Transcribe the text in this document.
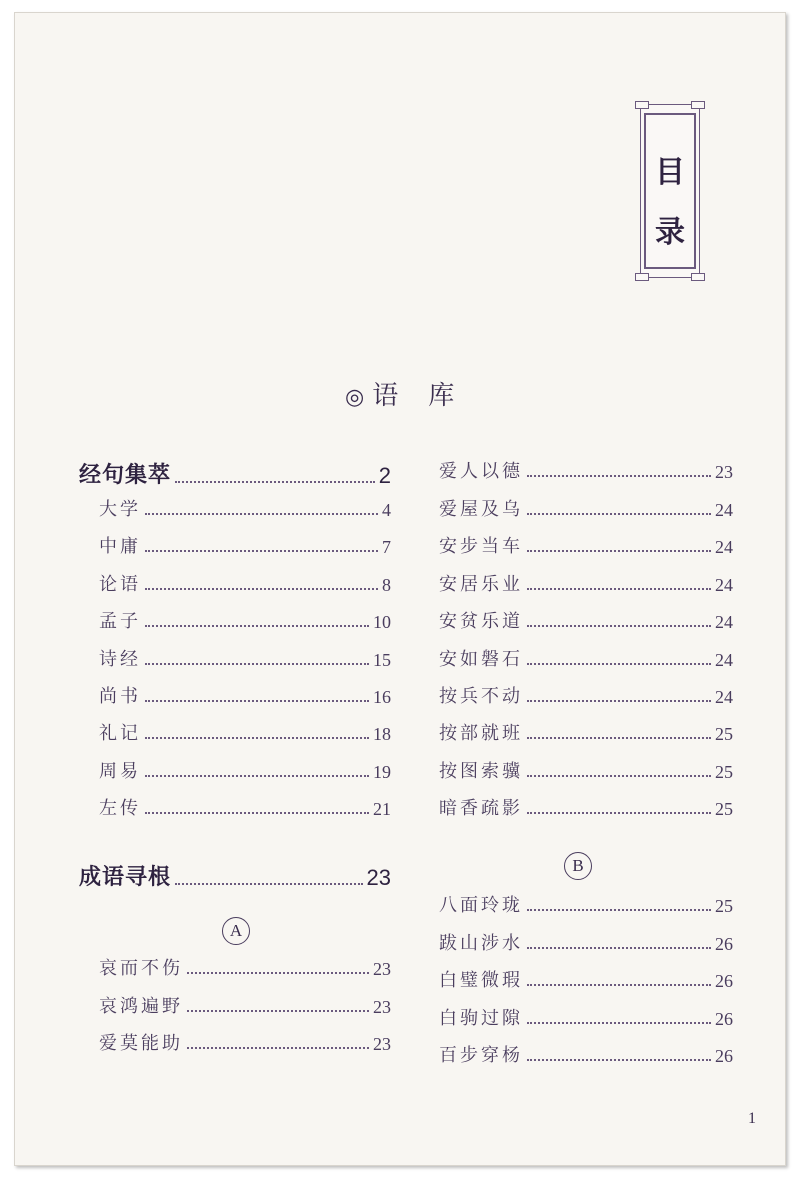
目
录
◎ 语　库
经句集萃	2
大学	4
中庸	7
论语	8
孟子	10
诗经	15
尚书	16
礼记	18
周易	19
左传	21
成语寻根	23
A
哀而不伤	23
哀鸿遍野	23
爱莫能助	23
爱人以德	23
爱屋及乌	24
安步当车	24
安居乐业	24
安贫乐道	24
安如磐石	24
按兵不动	24
按部就班	25
按图索骥	25
暗香疏影	25
B
八面玲珑	25
跋山涉水	26
白璧微瑕	26
白驹过隙	26
百步穿杨	26
1
